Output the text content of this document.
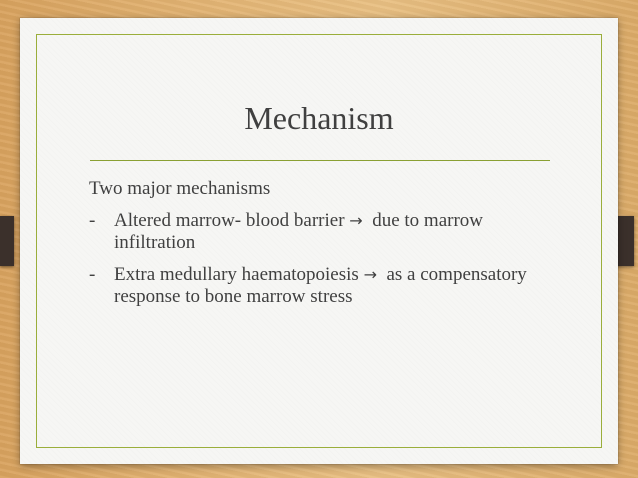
Mechanism
Two major mechanisms
- Altered marrow- blood barrier →  due to marrow infiltration
- Extra medullary haematopoiesis →  as a compensatory response to bone marrow stress
